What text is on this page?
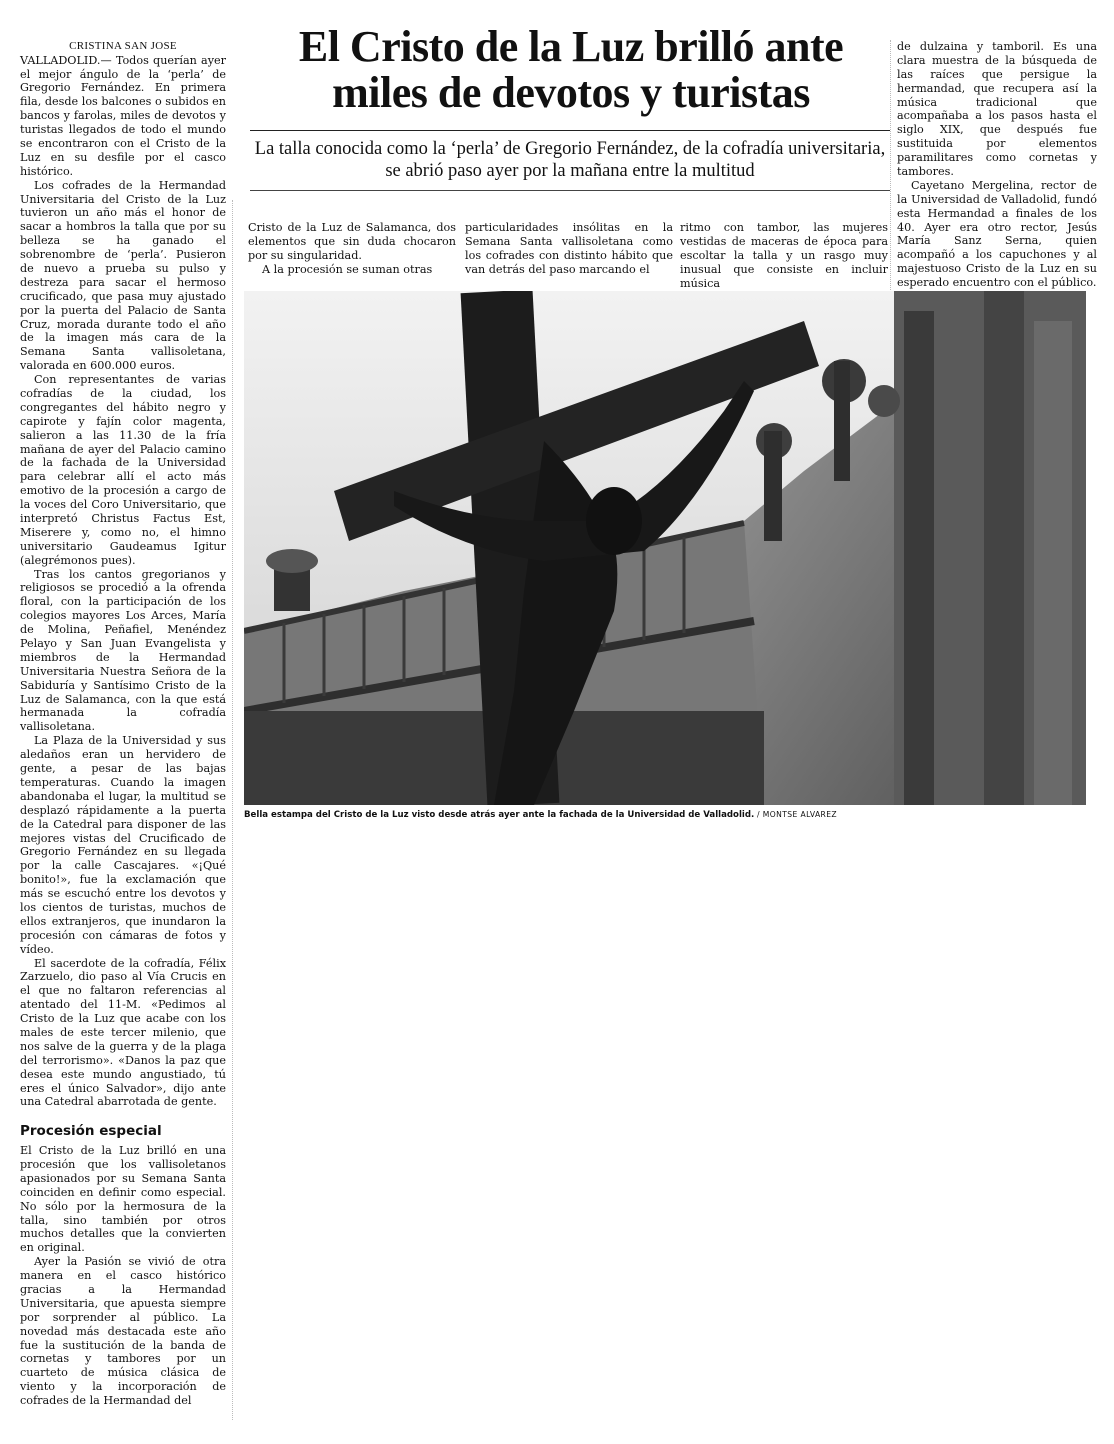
CRISTINA SAN JOSE

VALLADOLID.— Todos querían ayer el mejor ángulo de la ‘perla’ de Gregorio Fernández. En primera fila, desde los balcones o subidos en bancos y farolas, miles de devotos y turistas llegados de todo el mundo se encontraron con el Cristo de la Luz en su desfile por el casco histórico.

Los cofrades de la Hermandad Universitaria del Cristo de la Luz tuvieron un año más el honor de sacar a hombros la talla que por su belleza se ha ganado el sobrenombre de ‘perla’. Pusieron de nuevo a prueba su pulso y destreza para sacar el hermoso crucificado, que pasa muy ajustado por la puerta del Palacio de Santa Cruz, morada durante todo el año de la imagen más cara de la Semana Santa vallisoletana, valorada en 600.000 euros.

Con representantes de varias cofradías de la ciudad, los congregantes del hábito negro y capirote y fajín color magenta, salieron a las 11.30 de la fría mañana de ayer del Palacio camino de la fachada de la Universidad para celebrar allí el acto más emotivo de la procesión a cargo de la voces del Coro Universitario, que interpretó Christus Factus Est, Miserere y, como no, el himno universitario Gaudeamus Igitur (alegrémonos pues).

Tras los cantos gregorianos y religiosos se procedió a la ofrenda floral, con la participación de los colegios mayores Los Arces, María de Molina, Peñafiel, Menéndez Pelayo y San Juan Evangelista y miembros de la Hermandad Universitaria Nuestra Señora de la Sabiduría y Santísimo Cristo de la Luz de Salamanca, con la que está hermanada la cofradía vallisoletana.

La Plaza de la Universidad y sus aledaños eran un hervidero de gente, a pesar de las bajas temperaturas. Cuando la imagen abandonaba el lugar, la multitud se desplazó rápidamente a la puerta de la Catedral para disponer de las mejores vistas del Crucificado de Gregorio Fernández en su llegada por la calle Cascajares. «¡Qué bonito!», fue la exclamación que más se escuchó entre los devotos y los cientos de turistas, muchos de ellos extranjeros, que inundaron la procesión con cámaras de fotos y vídeo.

El sacerdote de la cofradía, Félix Zarzuelo, dio paso al Vía Crucis en el que no faltaron referencias al atentado del 11-M. «Pedimos al Cristo de la Luz que acabe con los males de este tercer milenio, que nos salve de la guerra y de la plaga del terrorismo». «Danos la paz que desea este mundo angustiado, tú eres el único Salvador», dijo ante una Catedral abarrotada de gente.

Procesión especial

El Cristo de la Luz brilló en una procesión que los vallisoletanos apasionados por su Semana Santa coinciden en definir como especial. No sólo por la hermosura de la talla, sino también por otros muchos detalles que la convierten en original.

Ayer la Pasión se vivió de otra manera en el casco histórico gracias a la Hermandad Universitaria, que apuesta siempre por sorprender al público. La novedad más destacada este año fue la sustitución de la banda de cornetas y tambores por un cuarteto de música clásica de viento y la incorporación de cofrades de la Hermandad del

El Cristo de la Luz brilló ante
miles de devotos y turistas

La talla conocida como la ‘perla’ de Gregorio Fernández, de la cofradía universitaria, se abrió paso ayer por la mañana entre la multitud

Cristo de la Luz de Salamanca, dos elementos que sin duda chocaron por su singularidad.
A la procesión se suman otras

particularidades insólitas en la Semana Santa vallisoletana como los cofrades con distinto hábito que van detrás del paso marcando el

ritmo con tambor, las mujeres vestidas de maceras de época para escoltar la talla y un rasgo muy inusual que consiste en incluir música

de dulzaina y tamboril. Es una clara muestra de la búsqueda de las raíces que persigue la hermandad, que recupera así la música tradicional que acompañaba a los pasos hasta el siglo XIX, que después fue sustituida por elementos paramilitares como cornetas y tambores.

Cayetano Mergelina, rector de la Universidad de Valladolid, fundó esta Hermandad a finales de los 40. Ayer era otro rector, Jesús María Sanz Serna, quien acompañó a los capuchones y al majestuoso Cristo de la Luz en su esperado encuentro con el público.

Bella estampa del Cristo de la Luz visto desde atrás ayer ante la fachada de la Universidad de Valladolid. / MONTSE ALVAREZ
